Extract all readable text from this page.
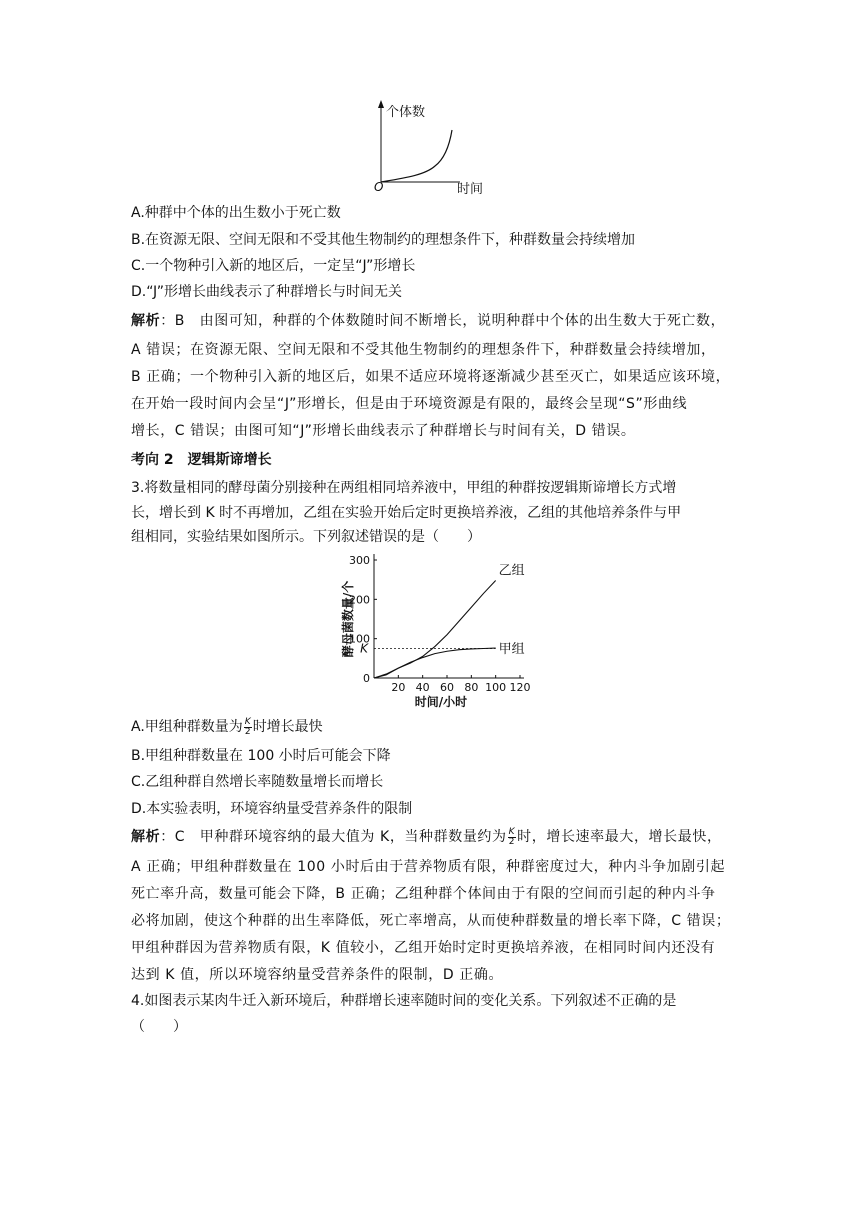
个体数
O	时间
A.种群中个体的出生数小于死亡数
B.在资源无限、空间无限和不受其他生物制约的理想条件下，种群数量会持续增加
C.一个物种引入新的地区后，一定呈“J”形增长
D.“J”形增长曲线表示了种群增长与时间无关
解析：B　 由图可知，种群的个体数随时间不断增长，说明种群中个体的出生数大于死亡数，
A 错误；在资源无限、空间无限和不受其他生物制约的理想条件下，种群数量会持续增加，
B 正确；一个物种引入新的地区后，如果不适应环境将逐渐减少甚至灭亡，如果适应该环境，
在开始一段时间内会呈“J”形增长，但是由于环境资源是有限的，最终会呈现“S”形曲线
增长，C 错误；由图可知“J”形增长曲线表示了种群增长与时间有关，D 错误。
考向 2　逻辑斯谛增长
3.将数量相同的酵母菌分别接种在两组相同培养液中，甲组的种群按逻辑斯谛增长方式增
长，增长到 K 时不再增加，乙组在实验开始后定时更换培养液，乙组的其他培养条件与甲
组相同，实验结果如图所示。下列叙述错误的是（　　）
20 40 60 80 100 120
0
100
200
300
K
乙组
甲组
时间/小时
酵母菌数量/个
A.甲组种群数量为 $\frac{K}{2}$ 时增长最快
B.甲组种群数量在 100 小时后可能会下降
C.乙组种群自然增长率随数量增长而增长
D.本实验表明，环境容纳量受营养条件的限制
解析：C　 甲种群环境容纳的最大值为 K，当种群数量约为 $\frac{K}{2}$ 时，增长速率最大，增长最快，
A 正确；甲组种群数量在 100 小时后由于营养物质有限，种群密度过大，种内斗争加剧引起
死亡率升高，数量可能会下降，B 正确；乙组种群个体间由于有限的空间而引起的种内斗争
必将加剧，使这个种群的出生率降低，死亡率增高，从而使种群数量的增长率下降，C 错误；
甲组种群因为营养物质有限，K 值较小，乙组开始时定时更换培养液，在相同时间内还没有
达到 K 值，所以环境容纳量受营养条件的限制，D 正确。
4.如图表示某肉牛迁入新环境后，种群增长速率随时间的变化关系。下列叙述不正确的是
（　　）
